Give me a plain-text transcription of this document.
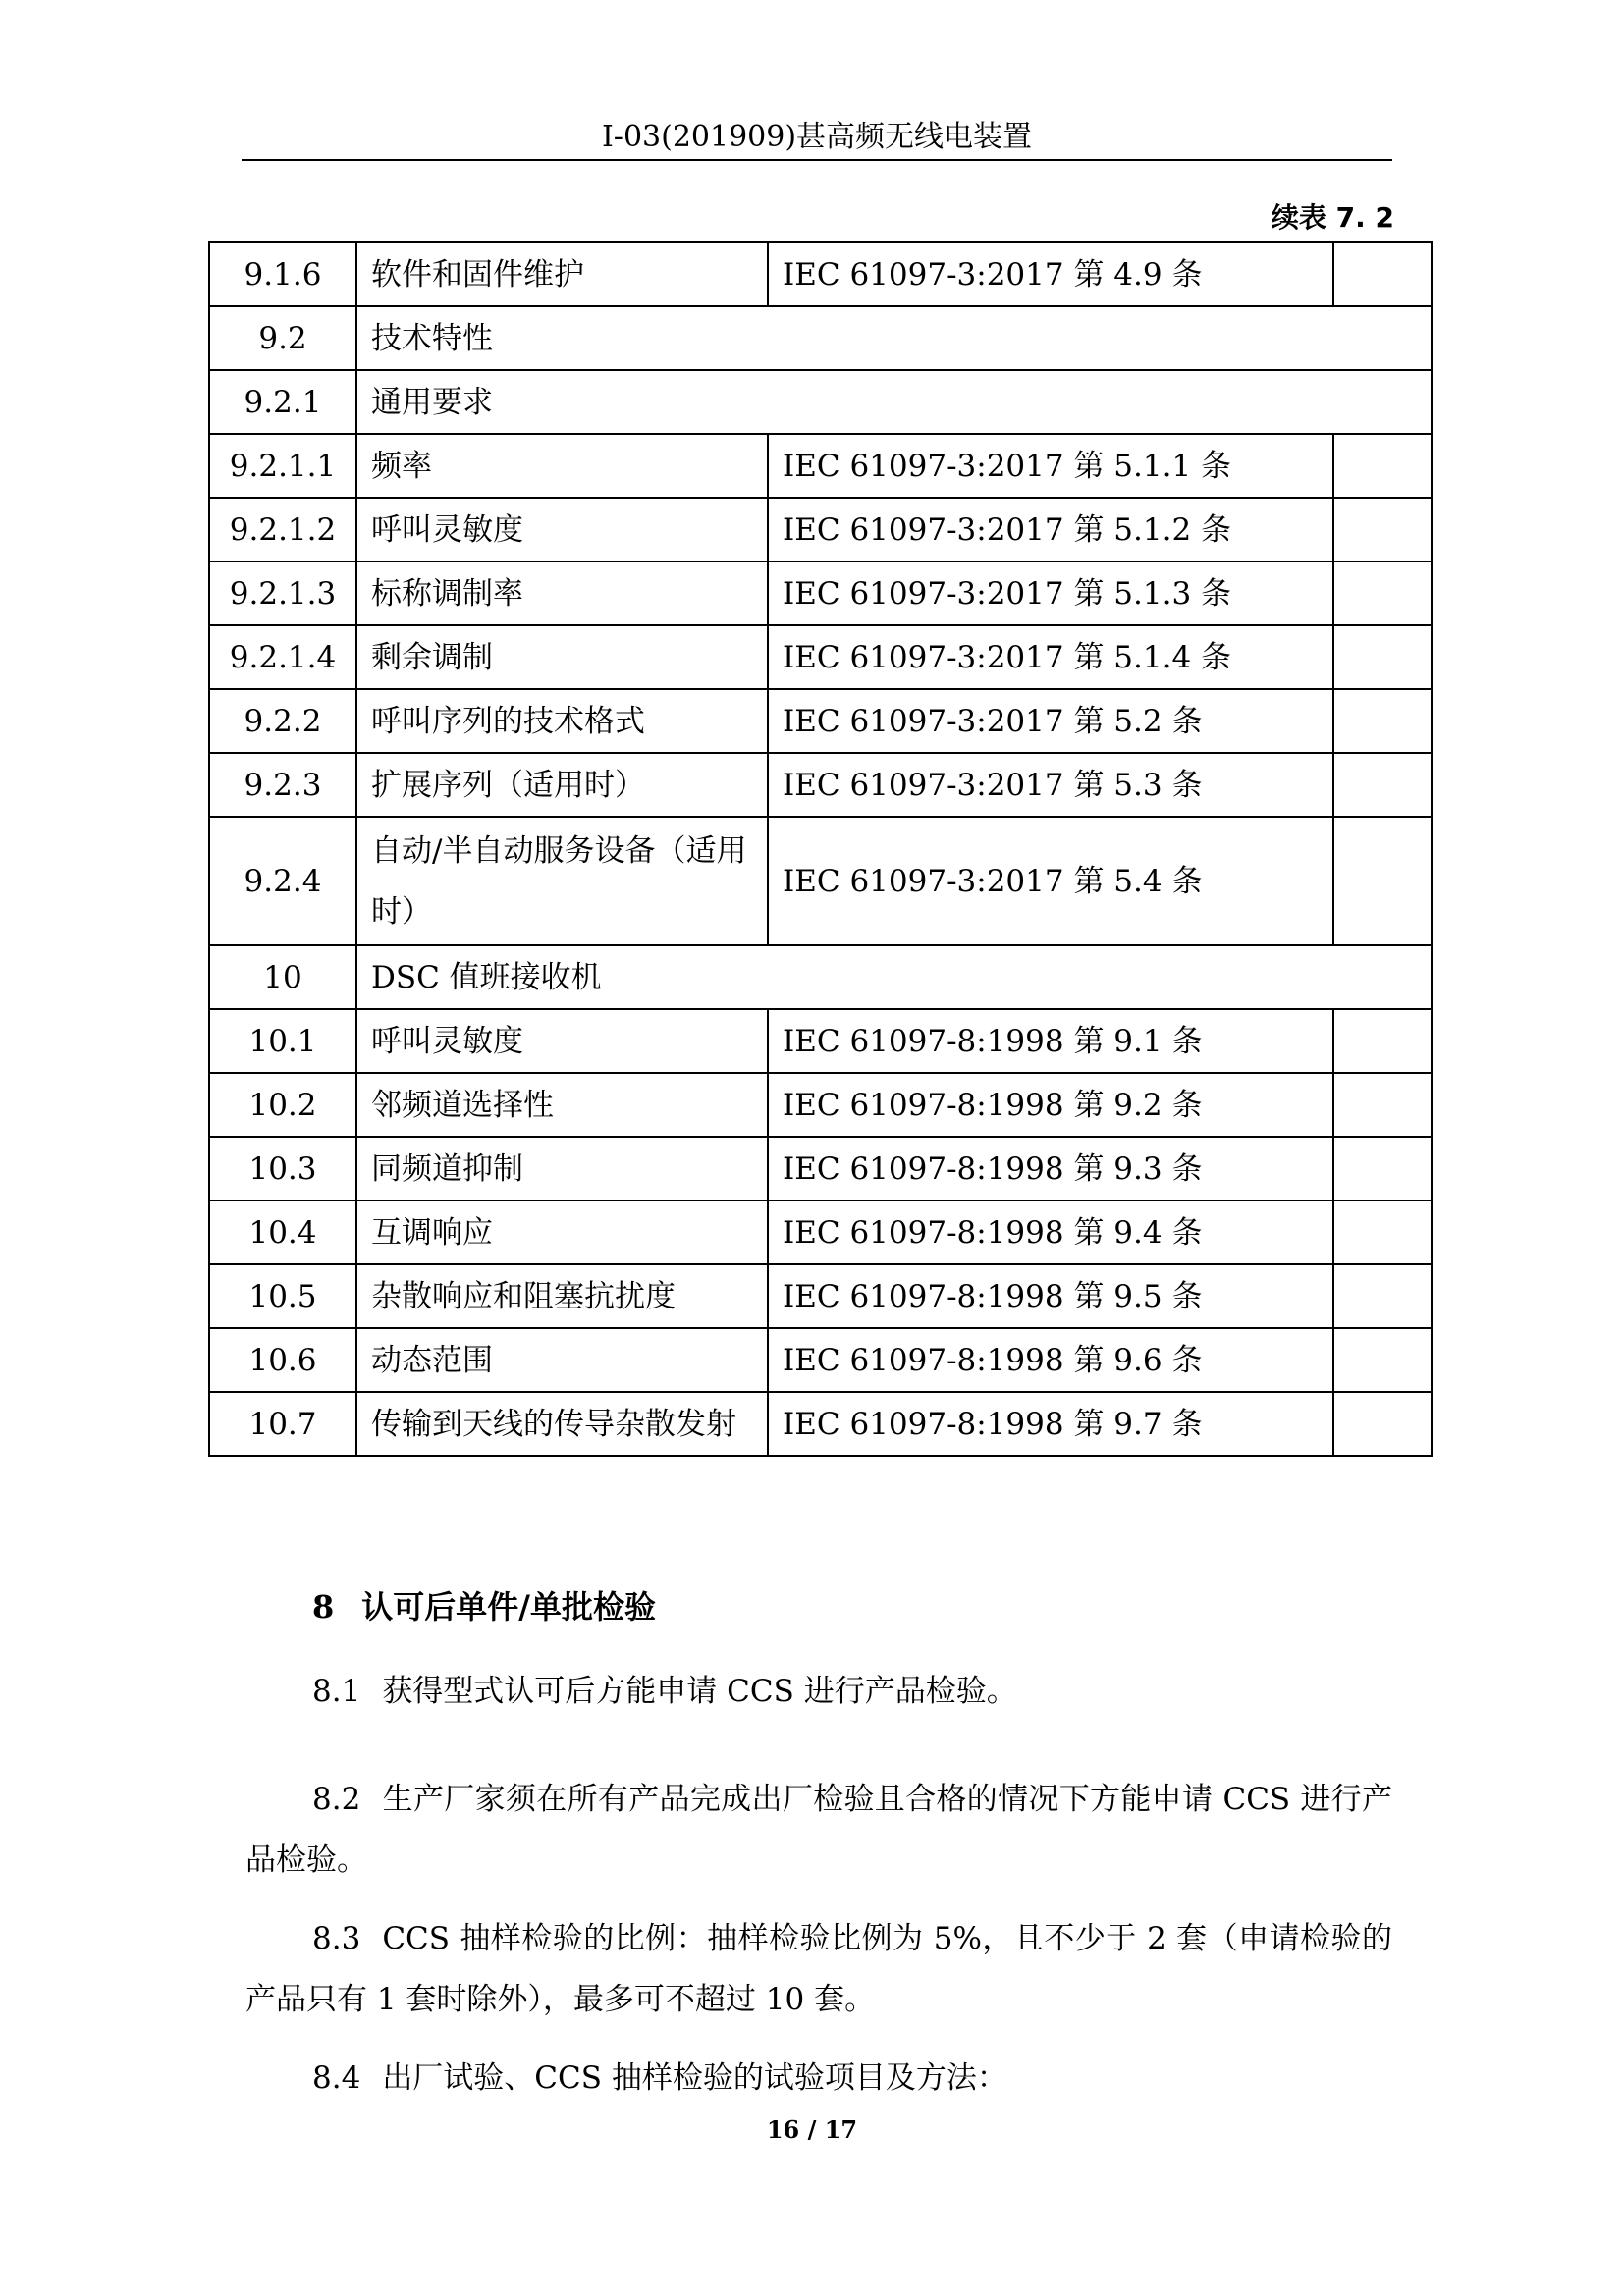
I-03(201909)甚高频无线电装置
续表 7. 2
9.1.6	软件和固件维护	IEC 61097-3:2017 第 4.9 条	
9.2	技术特性		
9.2.1	通用要求		
9.2.1.1	频率	IEC 61097-3:2017 第 5.1.1 条	
9.2.1.2	呼叫灵敏度	IEC 61097-3:2017 第 5.1.2 条	
9.2.1.3	标称调制率	IEC 61097-3:2017 第 5.1.3 条	
9.2.1.4	剩余调制	IEC 61097-3:2017 第 5.1.4 条	
9.2.2	呼叫序列的技术格式	IEC 61097-3:2017 第 5.2 条	
9.2.3	扩展序列（适用时）	IEC 61097-3:2017 第 5.3 条	
9.2.4	自动/半自动服务设备（适用时）	IEC 61097-3:2017 第 5.4 条	
10	DSC 值班接收机		
10.1	呼叫灵敏度	IEC 61097-8:1998 第 9.1 条	
10.2	邻频道选择性	IEC 61097-8:1998 第 9.2 条	
10.3	同频道抑制	IEC 61097-8:1998 第 9.3 条	
10.4	互调响应	IEC 61097-8:1998 第 9.4 条	
10.5	杂散响应和阻塞抗扰度	IEC 61097-8:1998 第 9.5 条	
10.6	动态范围	IEC 61097-8:1998 第 9.6 条	
10.7	传输到天线的传导杂散发射	IEC 61097-8:1998 第 9.7 条	
8 认可后单件/单批检验

8.1 获得型式认可后方能申请 CCS 进行产品检验。

8.2 生产厂家须在所有产品完成出厂检验且合格的情况下方能申请 CCS 进行产品检验。

8.3 CCS 抽样检验的比例：抽样检验比例为 5%，且不少于 2 套（申请检验的产品只有 1 套时除外），最多可不超过 10 套。

8.4 出厂试验、CCS 抽样检验的试验项目及方法：

16 / 17
